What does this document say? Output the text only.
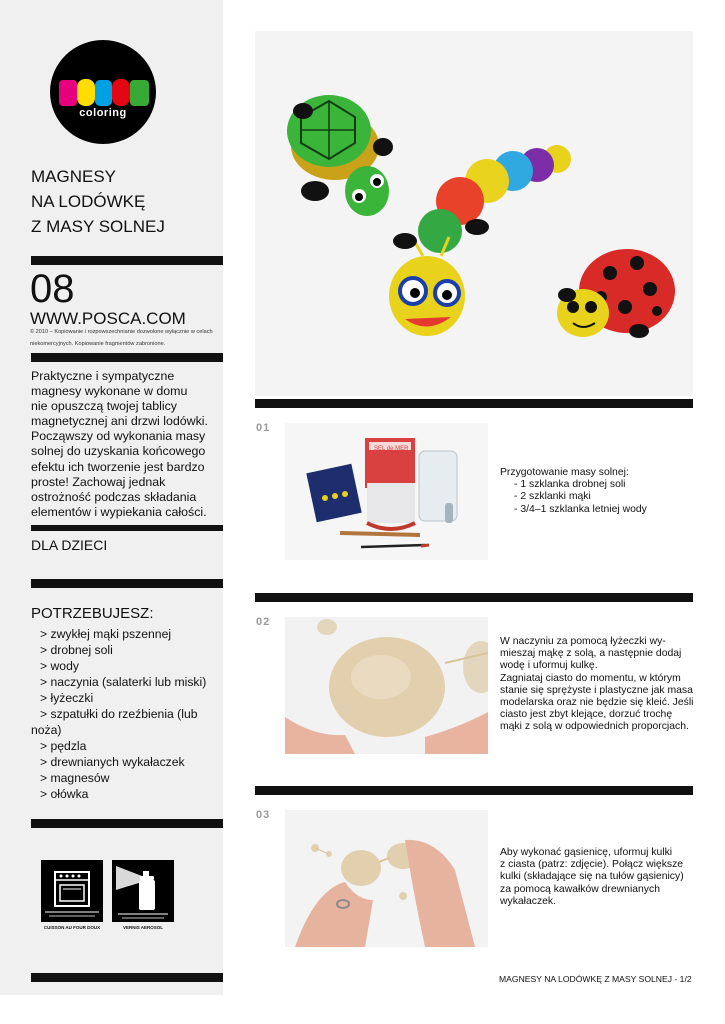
coloring
MAGNESY
NA LODÓWKĘ
Z MASY SOLNEJ
08
WWW.POSCA.COM
© 2010 – Kopiowanie i rozpowszechnianie dozwolone wyłącznie w celach
niekomercyjnych. Kopiowanie fragmentów zabronione.
Praktyczne i sympatyczne
magnesy wykonane w domu
nie opuszczą twojej tablicy
magnetycznej ani drzwi lodówki.
Począwszy od wykonania masy
solnej do uzyskania końcowego
efektu ich tworzenie jest bardzo
proste! Zachowaj jednak
ostrożność podczas składania
elementów i wypiekania całości.
DLA DZIECI
POTRZEBUJESZ:
> zwykłej mąki pszennej
> drobnej soli
> wody
> naczynia (salaterki lub miski)
> łyżeczki
> szpatułki do rzeźbienia (lub
noża)
> pędzla
> drewnianych wykałaczek
> magnesów
> ołówka
CUISSON AU FOUR DOUX	VERNIS AEROSOL
01
SEL de MER
Przygotowanie masy solnej:
- 1 szklanka drobnej soli
- 2 szklanki mąki
- 3/4–1 szklanka letniej wody
02
W naczyniu za pomocą łyżeczki wy-
mieszaj mąkę z solą, a następnie dodaj
wodę i uformuj kulkę.
Zagniataj ciasto do momentu, w którym
stanie się sprężyste i plastyczne jak masa
modelarska oraz nie będzie się kleić. Jeśli
ciasto jest zbyt klejące, dorzuć trochę
mąki z solą w odpowiednich proporcjach.
03
Aby wykonać gąsienicę, uformuj kulki
z ciasta (patrz: zdjęcie). Połącz większe
kulki (składające się na tułów gąsienicy)
za pomocą kawałków drewnianych
wykałaczek.
MAGNESY NA LODÓWKĘ Z MASY SOLNEJ - 1/2
